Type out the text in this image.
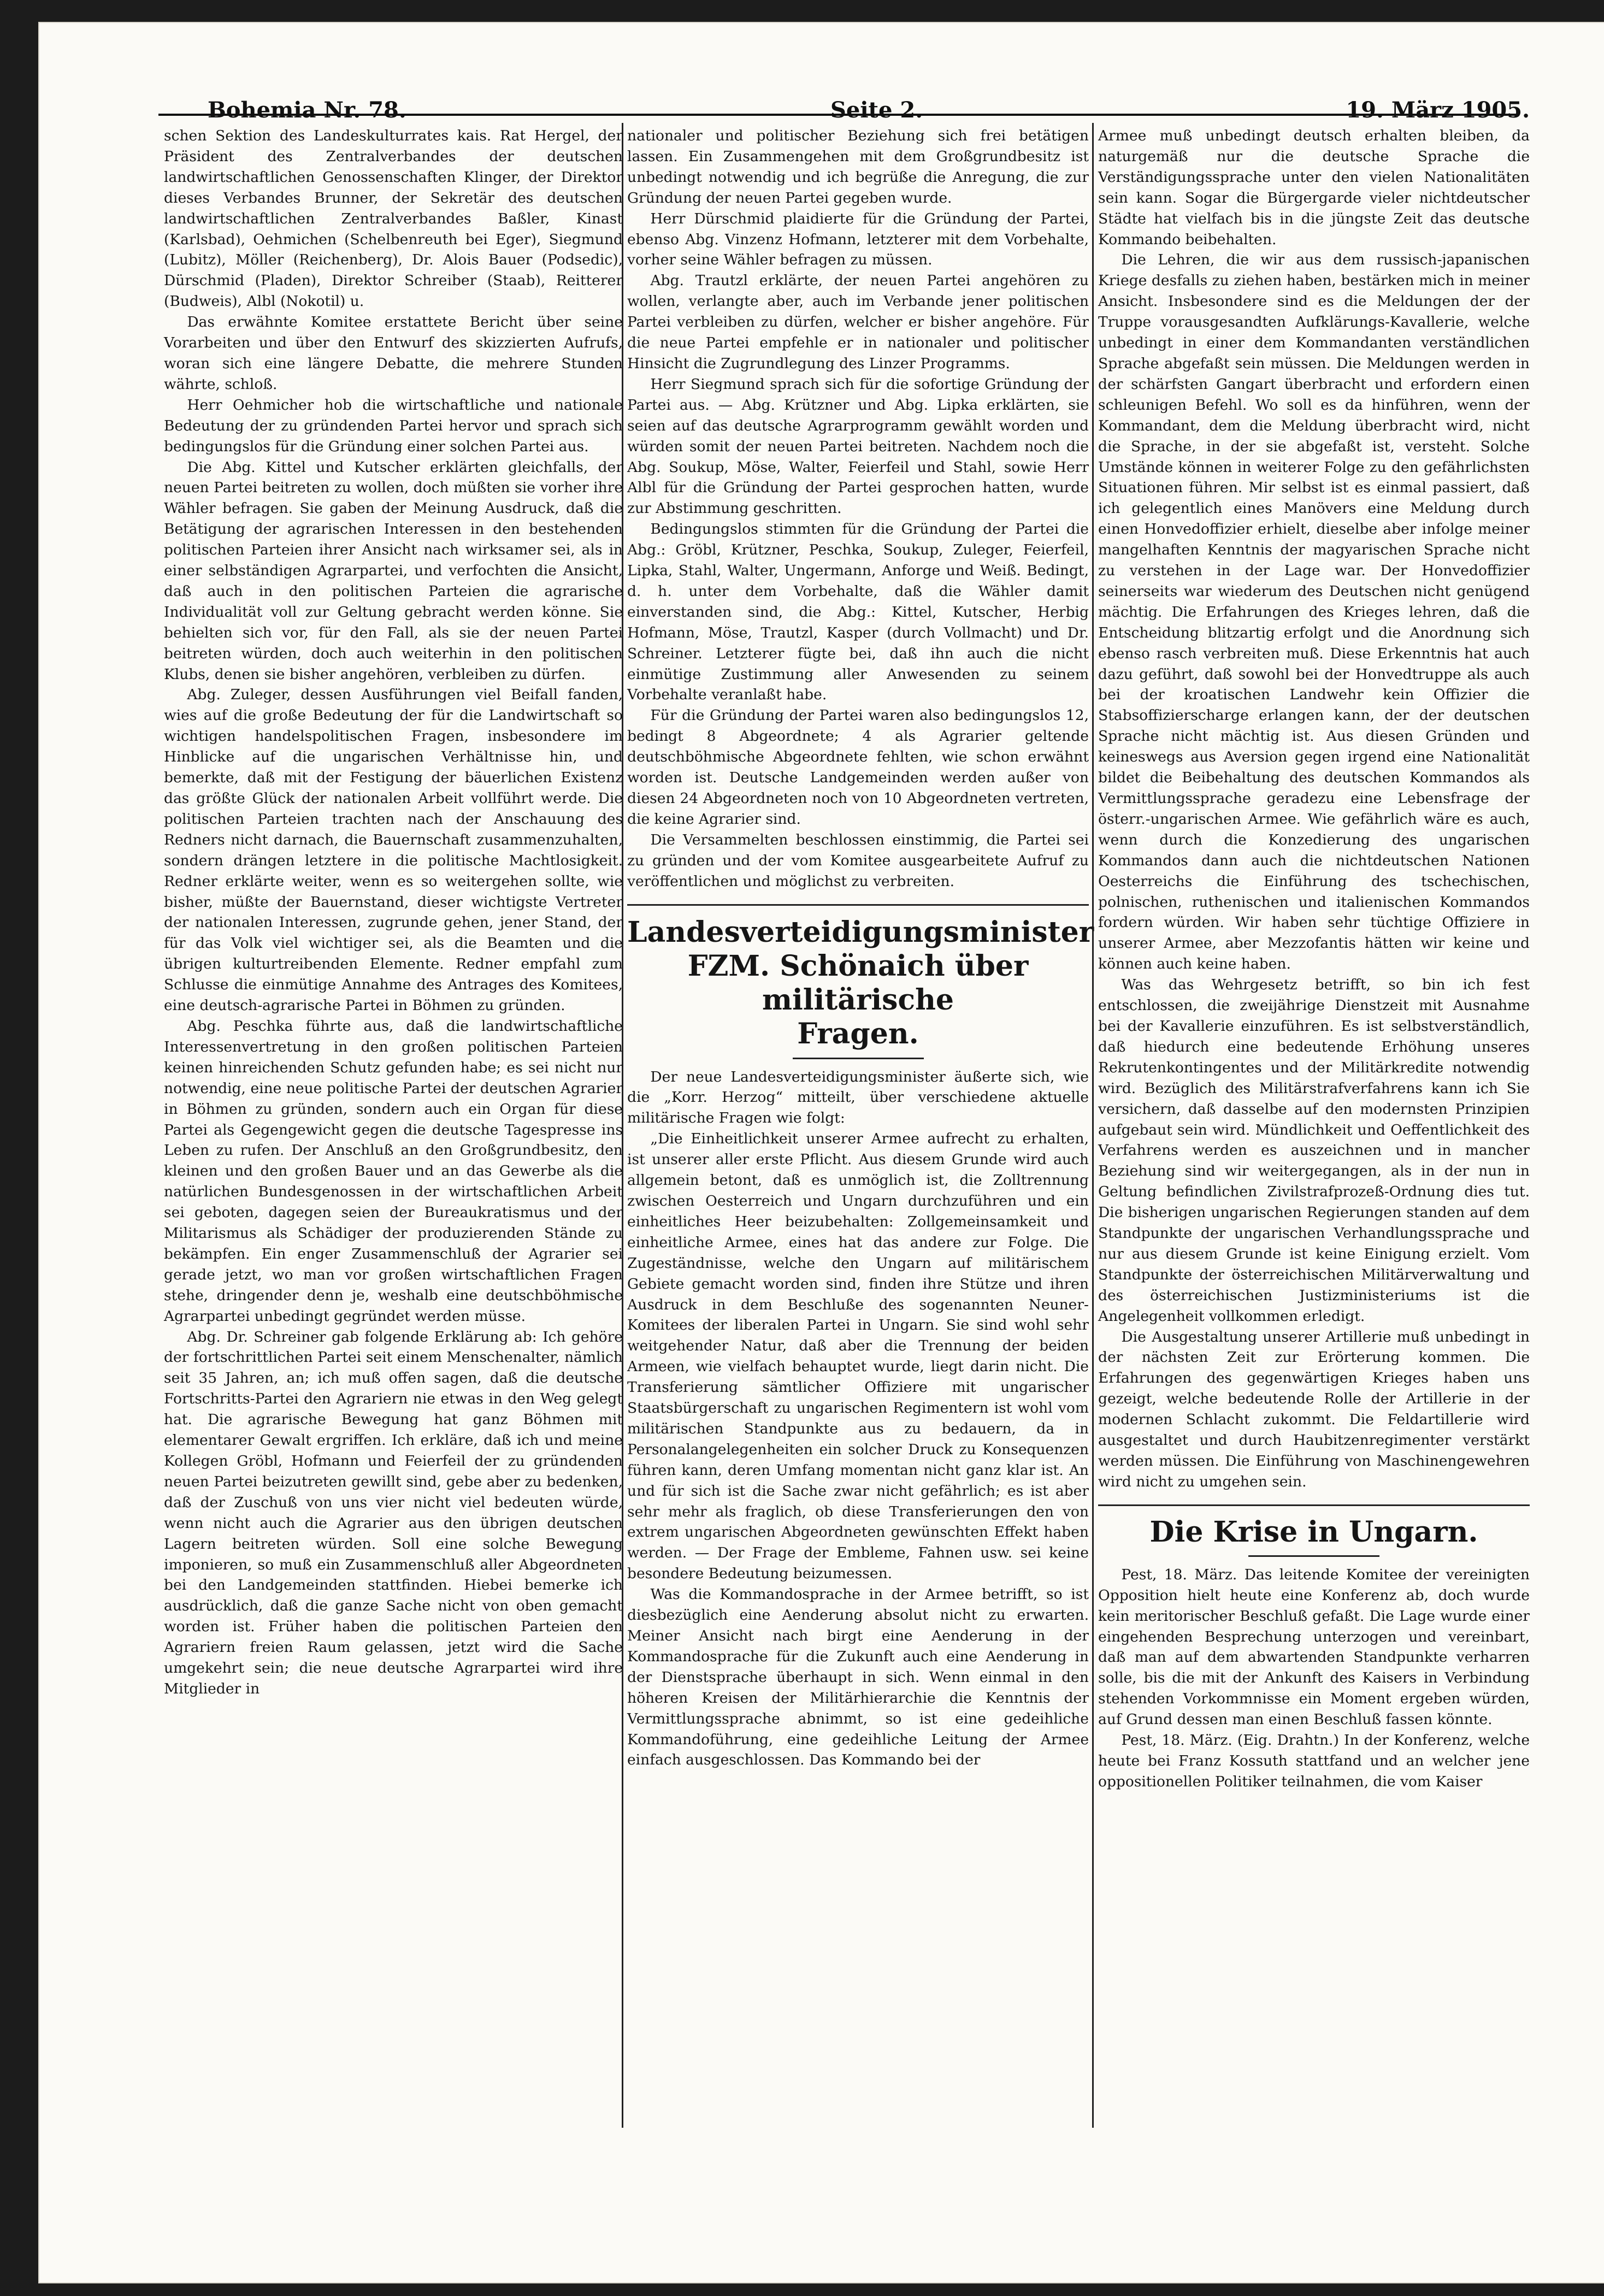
Bohemia Nr. 78.	Seite 2.	19. März 1905.

schen Sektion des Landeskulturrates kais. Rat Hergel, der Präsident des Zentralverbandes der deutschen landwirtschaftlichen Genossenschaften Klinger, der Direktor dieses Verbandes Brunner, der Sekretär des deutschen landwirtschaftlichen Zentralverbandes Baßler, Kinast (Karlsbad), Oehmichen (Schelbenreuth bei Eger), Siegmund (Lubitz), Möller (Reichenberg), Dr. Alois Bauer (Podsedic), Dürschmid (Pladen), Direktor Schreiber (Staab), Reitterer (Budweis), Albl (Nokotil) u.

Das erwähnte Komitee erstattete Bericht über seine Vorarbeiten und über den Entwurf des skizzierten Aufrufs, woran sich eine längere Debatte, die mehrere Stunden währte, schloß.

Herr Oehmicher hob die wirtschaftliche und nationale Bedeutung der zu gründenden Partei hervor und sprach sich bedingungslos für die Gründung einer solchen Partei aus.

Die Abg. Kittel und Kutscher erklärten gleichfalls, der neuen Partei beitreten zu wollen, doch müßten sie vorher ihre Wähler befragen. Sie gaben der Meinung Ausdruck, daß die Betätigung der agrarischen Interessen in den bestehenden politischen Parteien ihrer Ansicht nach wirksamer sei, als in einer selbständigen Agrarpartei, und verfochten die Ansicht, daß auch in den politischen Parteien die agrarische Individualität voll zur Geltung gebracht werden könne. Sie behielten sich vor, für den Fall, als sie der neuen Partei beitreten würden, doch auch weiterhin in den politischen Klubs, denen sie bisher angehören, verbleiben zu dürfen.

Abg. Zuleger, dessen Ausführungen viel Beifall fanden, wies auf die große Bedeutung der für die Landwirtschaft so wichtigen handelspolitischen Fragen, insbesondere im Hinblicke auf die ungarischen Verhältnisse hin, und bemerkte, daß mit der Festigung der bäuerlichen Existenz das größte Glück der nationalen Arbeit vollführt werde. Die politischen Parteien trachten nach der Anschauung des Redners nicht darnach, die Bauernschaft zusammenzuhalten, sondern drängen letztere in die politische Machtlosigkeit. Redner erklärte weiter, wenn es so weitergehen sollte, wie bisher, müßte der Bauernstand, dieser wichtigste Vertreter der nationalen Interessen, zugrunde gehen, jener Stand, der für das Volk viel wichtiger sei, als die Beamten und die übrigen kulturtreibenden Elemente. Redner empfahl zum Schlusse die einmütige Annahme des Antrages des Komitees, eine deutsch-agrarische Partei in Böhmen zu gründen.

Abg. Peschka führte aus, daß die landwirtschaftliche Interessenvertretung in den großen politischen Parteien keinen hinreichenden Schutz gefunden habe; es sei nicht nur notwendig, eine neue politische Partei der deutschen Agrarier in Böhmen zu gründen, sondern auch ein Organ für diese Partei als Gegengewicht gegen die deutsche Tagespresse ins Leben zu rufen. Der Anschluß an den Großgrundbesitz, den kleinen und den großen Bauer und an das Gewerbe als die natürlichen Bundesgenossen in der wirtschaftlichen Arbeit sei geboten, dagegen seien der Bureaukratismus und der Militarismus als Schädiger der produzierenden Stände zu bekämpfen. Ein enger Zusammenschluß der Agrarier sei gerade jetzt, wo man vor großen wirtschaftlichen Fragen stehe, dringender denn je, weshalb eine deutschböhmische Agrarpartei unbedingt gegründet werden müsse.

Abg. Dr. Schreiner gab folgende Erklärung ab: Ich gehöre der fortschrittlichen Partei seit einem Menschenalter, nämlich seit 35 Jahren, an; ich muß offen sagen, daß die deutsche Fortschritts-Partei den Agrariern nie etwas in den Weg gelegt hat. Die agrarische Bewegung hat ganz Böhmen mit elementarer Gewalt ergriffen. Ich erkläre, daß ich und meine Kollegen Gröbl, Hofmann und Feierfeil der zu gründenden neuen Partei beizutreten gewillt sind, gebe aber zu bedenken, daß der Zuschuß von uns vier nicht viel bedeuten würde, wenn nicht auch die Agrarier aus den übrigen deutschen Lagern beitreten würden. Soll eine solche Bewegung imponieren, so muß ein Zusammenschluß aller Abgeordneten bei den Landgemeinden stattfinden. Hiebei bemerke ich ausdrücklich, daß die ganze Sache nicht von oben gemacht worden ist. Früher haben die politischen Parteien den Agrariern freien Raum gelassen, jetzt wird die Sache umgekehrt sein; die neue deutsche Agrarpartei wird ihre Mitglieder in

nationaler und politischer Beziehung sich frei betätigen lassen. Ein Zusammengehen mit dem Großgrundbesitz ist unbedingt notwendig und ich begrüße die Anregung, die zur Gründung der neuen Partei gegeben wurde.

Herr Dürschmid plaidierte für die Gründung der Partei, ebenso Abg. Vinzenz Hofmann, letzterer mit dem Vorbehalte, vorher seine Wähler befragen zu müssen.

Abg. Trautzl erklärte, der neuen Partei angehören zu wollen, verlangte aber, auch im Verbande jener politischen Partei verbleiben zu dürfen, welcher er bisher angehöre. Für die neue Partei empfehle er in nationaler und politischer Hinsicht die Zugrundlegung des Linzer Programms.

Herr Siegmund sprach sich für die sofortige Gründung der Partei aus. — Abg. Krützner und Abg. Lipka erklärten, sie seien auf das deutsche Agrarprogramm gewählt worden und würden somit der neuen Partei beitreten. Nachdem noch die Abg. Soukup, Möse, Walter, Feierfeil und Stahl, sowie Herr Albl für die Gründung der Partei gesprochen hatten, wurde zur Abstimmung geschritten.

Bedingungslos stimmten für die Gründung der Partei die Abg.: Gröbl, Krützner, Peschka, Soukup, Zuleger, Feierfeil, Lipka, Stahl, Walter, Ungermann, Anforge und Weiß. Bedingt, d. h. unter dem Vorbehalte, daß die Wähler damit einverstanden sind, die Abg.: Kittel, Kutscher, Herbig Hofmann, Möse, Trautzl, Kasper (durch Vollmacht) und Dr. Schreiner. Letzterer fügte bei, daß ihn auch die nicht einmütige Zustimmung aller Anwesenden zu seinem Vorbehalte veranlaßt habe.

Für die Gründung der Partei waren also bedingungslos 12, bedingt 8 Abgeordnete; 4 als Agrarier geltende deutschböhmische Abgeordnete fehlten, wie schon erwähnt worden ist. Deutsche Landgemeinden werden außer von diesen 24 Abgeordneten noch von 10 Abgeordneten vertreten, die keine Agrarier sind.

Die Versammelten beschlossen einstimmig, die Partei sei zu gründen und der vom Komitee ausgearbeitete Aufruf zu veröffentlichen und möglichst zu verbreiten.

Landesverteidigungsminister
FZM. Schönaich über militärische
Fragen.

Der neue Landesverteidigungsminister äußerte sich, wie die „Korr. Herzog“ mitteilt, über verschiedene aktuelle militärische Fragen wie folgt:

„Die Einheitlichkeit unserer Armee aufrecht zu erhalten, ist unserer aller erste Pflicht. Aus diesem Grunde wird auch allgemein betont, daß es unmöglich ist, die Zolltrennung zwischen Oesterreich und Ungarn durchzuführen und ein einheitliches Heer beizubehalten: Zollgemeinsamkeit und einheitliche Armee, eines hat das andere zur Folge. Die Zugeständnisse, welche den Ungarn auf militärischem Gebiete gemacht worden sind, finden ihre Stütze und ihren Ausdruck in dem Beschluße des sogenannten Neuner-Komitees der liberalen Partei in Ungarn. Sie sind wohl sehr weitgehender Natur, daß aber die Trennung der beiden Armeen, wie vielfach behauptet wurde, liegt darin nicht. Die Transferierung sämtlicher Offiziere mit ungarischer Staatsbürgerschaft zu ungarischen Regimentern ist wohl vom militärischen Standpunkte aus zu bedauern, da in Personalangelegenheiten ein solcher Druck zu Konsequenzen führen kann, deren Umfang momentan nicht ganz klar ist. An und für sich ist die Sache zwar nicht gefährlich; es ist aber sehr mehr als fraglich, ob diese Transferierungen den von extrem ungarischen Abgeordneten gewünschten Effekt haben werden. — Der Frage der Embleme, Fahnen usw. sei keine besondere Bedeutung beizumessen.

Was die Kommandosprache in der Armee betrifft, so ist diesbezüglich eine Aenderung absolut nicht zu erwarten. Meiner Ansicht nach birgt eine Aenderung in der Kommandosprache für die Zukunft auch eine Aenderung in der Dienstsprache überhaupt in sich. Wenn einmal in den höheren Kreisen der Militärhierarchie die Kenntnis der Vermittlungssprache abnimmt, so ist eine gedeihliche Kommandoführung, eine gedeihliche Leitung der Armee einfach ausgeschlossen. Das Kommando bei der

Armee muß unbedingt deutsch erhalten bleiben, da naturgemäß nur die deutsche Sprache die Verständigungssprache unter den vielen Nationalitäten sein kann. Sogar die Bürgergarde vieler nichtdeutscher Städte hat vielfach bis in die jüngste Zeit das deutsche Kommando beibehalten.

Die Lehren, die wir aus dem russisch-japanischen Kriege desfalls zu ziehen haben, bestärken mich in meiner Ansicht. Insbesondere sind es die Meldungen der der Truppe vorausgesandten Aufklärungs-Kavallerie, welche unbedingt in einer dem Kommandanten verständlichen Sprache abgefaßt sein müssen. Die Meldungen werden in der schärfsten Gangart überbracht und erfordern einen schleunigen Befehl. Wo soll es da hinführen, wenn der Kommandant, dem die Meldung überbracht wird, nicht die Sprache, in der sie abgefaßt ist, versteht. Solche Umstände können in weiterer Folge zu den gefährlichsten Situationen führen. Mir selbst ist es einmal passiert, daß ich gelegentlich eines Manövers eine Meldung durch einen Honvedoffizier erhielt, dieselbe aber infolge meiner mangelhaften Kenntnis der magyarischen Sprache nicht zu verstehen in der Lage war. Der Honvedoffizier seinerseits war wiederum des Deutschen nicht genügend mächtig. Die Erfahrungen des Krieges lehren, daß die Entscheidung blitzartig erfolgt und die Anordnung sich ebenso rasch verbreiten muß. Diese Erkenntnis hat auch dazu geführt, daß sowohl bei der Honvedtruppe als auch bei der kroatischen Landwehr kein Offizier die Stabsoffizierscharge erlangen kann, der der deutschen Sprache nicht mächtig ist. Aus diesen Gründen und keineswegs aus Aversion gegen irgend eine Nationalität bildet die Beibehaltung des deutschen Kommandos als Vermittlungssprache geradezu eine Lebensfrage der österr.-ungarischen Armee. Wie gefährlich wäre es auch, wenn durch die Konzedierung des ungarischen Kommandos dann auch die nichtdeutschen Nationen Oesterreichs die Einführung des tschechischen, polnischen, ruthenischen und italienischen Kommandos fordern würden. Wir haben sehr tüchtige Offiziere in unserer Armee, aber Mezzofantis hätten wir keine und können auch keine haben.

Was das Wehrgesetz betrifft, so bin ich fest entschlossen, die zweijährige Dienstzeit mit Ausnahme bei der Kavallerie einzuführen. Es ist selbstverständlich, daß hiedurch eine bedeutende Erhöhung unseres Rekrutenkontingentes und der Militärkredite notwendig wird. Bezüglich des Militärstrafverfahrens kann ich Sie versichern, daß dasselbe auf den modernsten Prinzipien aufgebaut sein wird. Mündlichkeit und Oeffentlichkeit des Verfahrens werden es auszeichnen und in mancher Beziehung sind wir weitergegangen, als in der nun in Geltung befindlichen Zivilstrafprozeß-Ordnung dies tut. Die bisherigen ungarischen Regierungen standen auf dem Standpunkte der ungarischen Verhandlungssprache und nur aus diesem Grunde ist keine Einigung erzielt. Vom Standpunkte der österreichischen Militärverwaltung und des österreichischen Justizministeriums ist die Angelegenheit vollkommen erledigt.

Die Ausgestaltung unserer Artillerie muß unbedingt in der nächsten Zeit zur Erörterung kommen. Die Erfahrungen des gegenwärtigen Krieges haben uns gezeigt, welche bedeutende Rolle der Artillerie in der modernen Schlacht zukommt. Die Feldartillerie wird ausgestaltet und durch Haubitzenregimenter verstärkt werden müssen. Die Einführung von Maschinengewehren wird nicht zu umgehen sein.

Die Krise in Ungarn.

Pest, 18. März. Das leitende Komitee der vereinigten Opposition hielt heute eine Konferenz ab, doch wurde kein meritorischer Beschluß gefaßt. Die Lage wurde einer eingehenden Besprechung unterzogen und vereinbart, daß man auf dem abwartenden Standpunkte verharren solle, bis die mit der Ankunft des Kaisers in Verbindung stehenden Vorkommnisse ein Moment ergeben würden, auf Grund dessen man einen Beschluß fassen könnte.

Pest, 18. März. (Eig. Drahtn.) In der Konferenz, welche heute bei Franz Kossuth stattfand und an welcher jene oppositionellen Politiker teilnahmen, die vom Kaiser
